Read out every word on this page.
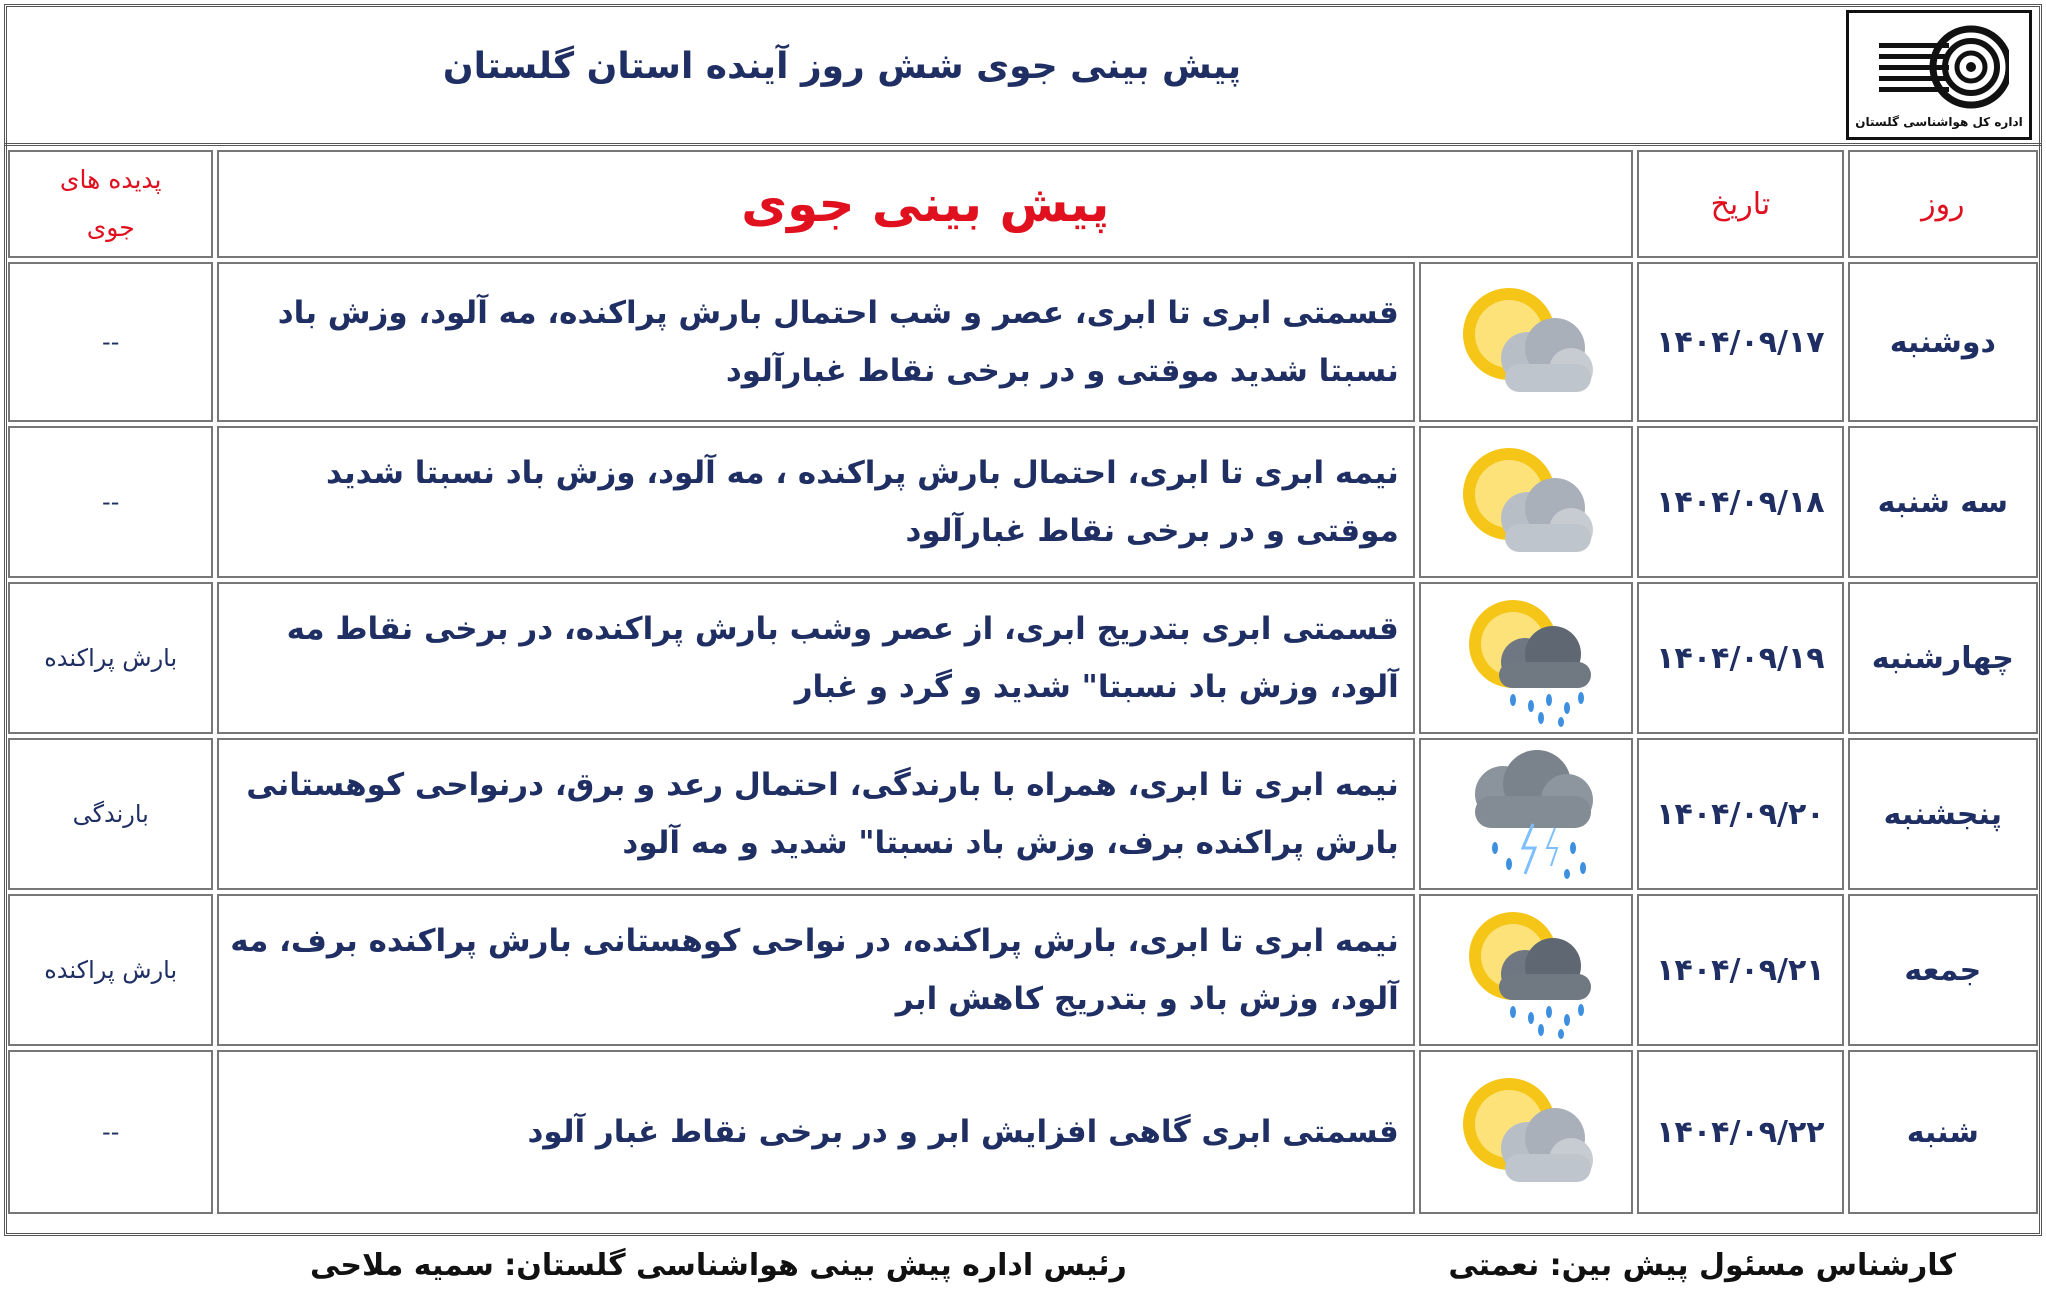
پیش بینی جوی شش روز آینده استان گلستان
اداره کل هواشناسی گلستان
روز	تاریخ	پیش بینی جوی		پدیده های
جوی

دوشنبه	۱۴۰۴/۰۹/۱۷		قسمتی ابری تا ابری، عصر و شب احتمال بارش پراکنده، مه آلود، وزش باد نسبتا شدید موقتی و در برخی نقاط غبارآلود	--
سه شنبه	۱۴۰۴/۰۹/۱۸		نیمه ابری تا ابری، احتمال بارش پراکنده ، مه آلود، وزش باد نسبتا شدید موقتی و در برخی نقاط غبارآلود	--
چهارشنبه	۱۴۰۴/۰۹/۱۹		قسمتی ابری بتدریج ابری، از عصر وشب بارش پراکنده، در برخی نقاط مه آلود، وزش باد نسبتا" شدید و گرد و غبار	بارش پراکنده
پنجشنبه	۱۴۰۴/۰۹/۲۰		نیمه ابری تا ابری، همراه با بارندگی، احتمال رعد و برق، درنواحی کوهستانی بارش پراکنده برف، وزش باد نسبتا" شدید و مه آلود	بارندگی
جمعه	۱۴۰۴/۰۹/۲۱		نیمه ابری تا ابری، بارش پراکنده، در نواحی کوهستانی بارش پراکنده برف، مه آلود، وزش باد و بتدریج کاهش ابر	بارش پراکنده
شنبه	۱۴۰۴/۰۹/۲۲		قسمتی ابری گاهی افزایش ابر و در برخی نقاط غبار آلود	--
کارشناس مسئول پیش بین: نعمتی
رئیس اداره پیش بینی هواشناسی گلستان: سمیه ملاحی
